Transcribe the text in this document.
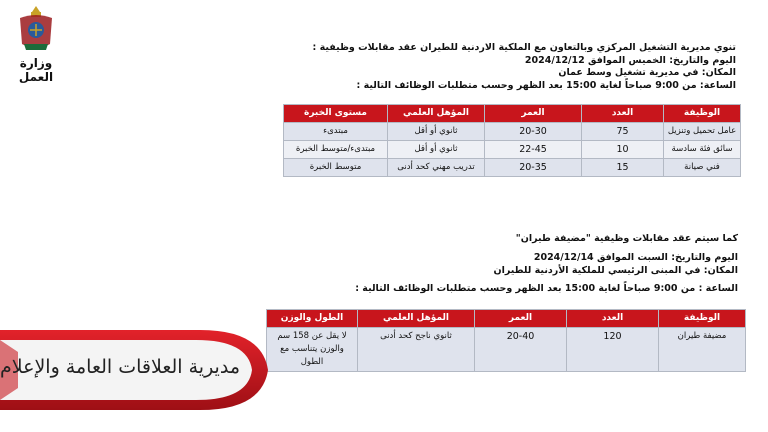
وزارة العمل
تنوي مديرية التشغيل المركزي وبالتعاون مع الملكية الاردنية للطيران عقد مقابلات وظيفية :
اليوم والتاريخ: الخميس الموافق 2024/12/12
المكان: في مديرية تشغيل وسط عمان
الساعة: من 9:00 صباحاً لغاية 15:00 بعد الظهر وحسب متطلبات الوظائف التالية :
الوظيفة	العدد	العمر	المؤهل العلمي	مستوى الخبرة
عامل تحميل وتنزيل	75	20-30	ثانوي أو أقل	مبتدىء
سائق فئة سادسة	10	22-45	ثانوي أو أقل	مبتدىء/متوسط الخبرة
فني صيانة	15	20-35	تدريب مهني كحد أدنى	متوسط الخبرة
كما سيتم عقد مقابلات وظيفية "مضيفة طيران"
اليوم والتاريخ: السبت الموافق 2024/12/14
المكان: في المبنى الرئيسي للملكية الأردنية للطيران
الساعة : من 9:00 صباحاً لغاية 15:00 بعد الظهر وحسب متطلبات الوظائف التالية :
الوظيفة	العدد	العمر	المؤهل العلمي	الطول والوزن
مضيفة طيران	120	20-40	ثانوي ناجح كحد أدنى	لا يقل عن 158 سم والوزن يتناسب مع الطول
مديرية العلاقات العامة والإعلام
